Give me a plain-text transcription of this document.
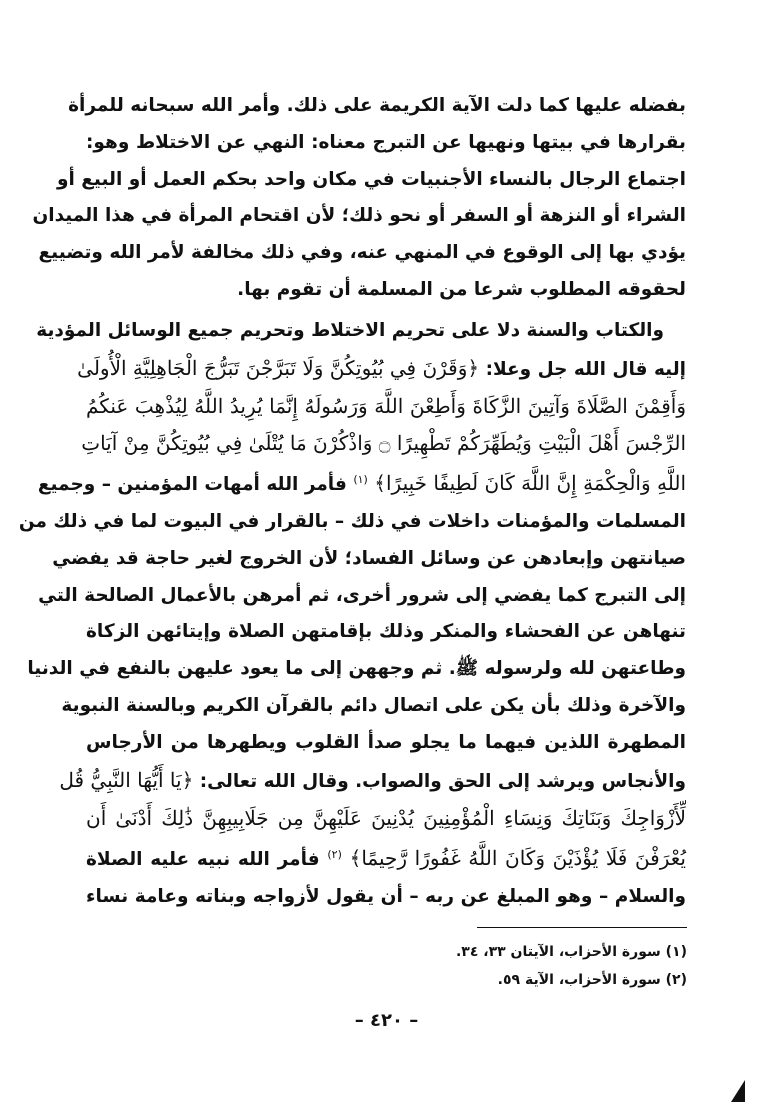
بفضله عليها كما دلت الآية الكريمة على ذلك. وأمر الله سبحانه للمرأة
بقرارها في بيتها ونهيها عن التبرج معناه: النهي عن الاختلاط وهو:
اجتماع الرجال بالنساء الأجنبيات في مكان واحد بحكم العمل أو البيع أو
الشراء أو النزهة أو السفر أو نحو ذلك؛ لأن اقتحام المرأة في هذا الميدان
يؤدي بها إلى الوقوع في المنهي عنه، وفي ذلك مخالفة لأمر الله وتضييع
لحقوقه المطلوب شرعا من المسلمة أن تقوم بها.

والكتاب والسنة دلا على تحريم الاختلاط وتحريم جميع الوسائل المؤدية
إليه قال الله جل وعلا: ﴿وَقَرْنَ فِي بُيُوتِكُنَّ وَلَا تَبَرَّجْنَ تَبَرُّجَ الْجَاهِلِيَّةِ الْأُولَىٰ
وَأَقِمْنَ الصَّلَاةَ وَآتِينَ الزَّكَاةَ وَأَطِعْنَ اللَّهَ وَرَسُولَهُ إِنَّمَا يُرِيدُ اللَّهُ لِيُذْهِبَ عَنكُمُ
الرِّجْسَ أَهْلَ الْبَيْتِ وَيُطَهِّرَكُمْ تَطْهِيرًا ۝ وَاذْكُرْنَ مَا يُتْلَىٰ فِي بُيُوتِكُنَّ مِنْ آيَاتِ
اللَّهِ وَالْحِكْمَةِ إِنَّ اللَّهَ كَانَ لَطِيفًا خَبِيرًا﴾ $^{(١)}$ فأمر الله أمهات المؤمنين – وجميع
المسلمات والمؤمنات داخلات في ذلك – بالقرار في البيوت لما في ذلك من
صيانتهن وإبعادهن عن وسائل الفساد؛ لأن الخروج لغير حاجة قد يفضي
إلى التبرج كما يفضي إلى شرور أخرى، ثم أمرهن بالأعمال الصالحة التي
تنهاهن عن الفحشاء والمنكر وذلك بإقامتهن الصلاة وإيتائهن الزكاة
وطاعتهن لله ولرسوله ﷺ. ثم وجههن إلى ما يعود عليهن بالنفع في الدنيا
والآخرة وذلك بأن يكن على اتصال دائم بالقرآن الكريم وبالسنة النبوية
المطهرة اللذين فيهما ما يجلو صدأ القلوب ويطهرها من الأرجاس
والأنجاس ويرشد إلى الحق والصواب. وقال الله تعالى: ﴿يَا أَيُّهَا النَّبِيُّ قُل
لِّأَزْوَاجِكَ وَبَنَاتِكَ وَنِسَاءِ الْمُؤْمِنِينَ يُدْنِينَ عَلَيْهِنَّ مِن جَلَابِيبِهِنَّ ذَٰلِكَ أَدْنَىٰ أَن
يُعْرَفْنَ فَلَا يُؤْذَيْنَ وَكَانَ اللَّهُ غَفُورًا رَّحِيمًا﴾ $^{(٢)}$ فأمر الله نبيه عليه الصلاة
والسلام – وهو المبلغ عن ربه – أن يقول لأزواجه وبناته وعامة نساء

(١) سورة الأحزاب، الآيتان ٣٣، ٣٤.
(٢) سورة الأحزاب، الآية ٥٩.
– ٤٢٠ –
